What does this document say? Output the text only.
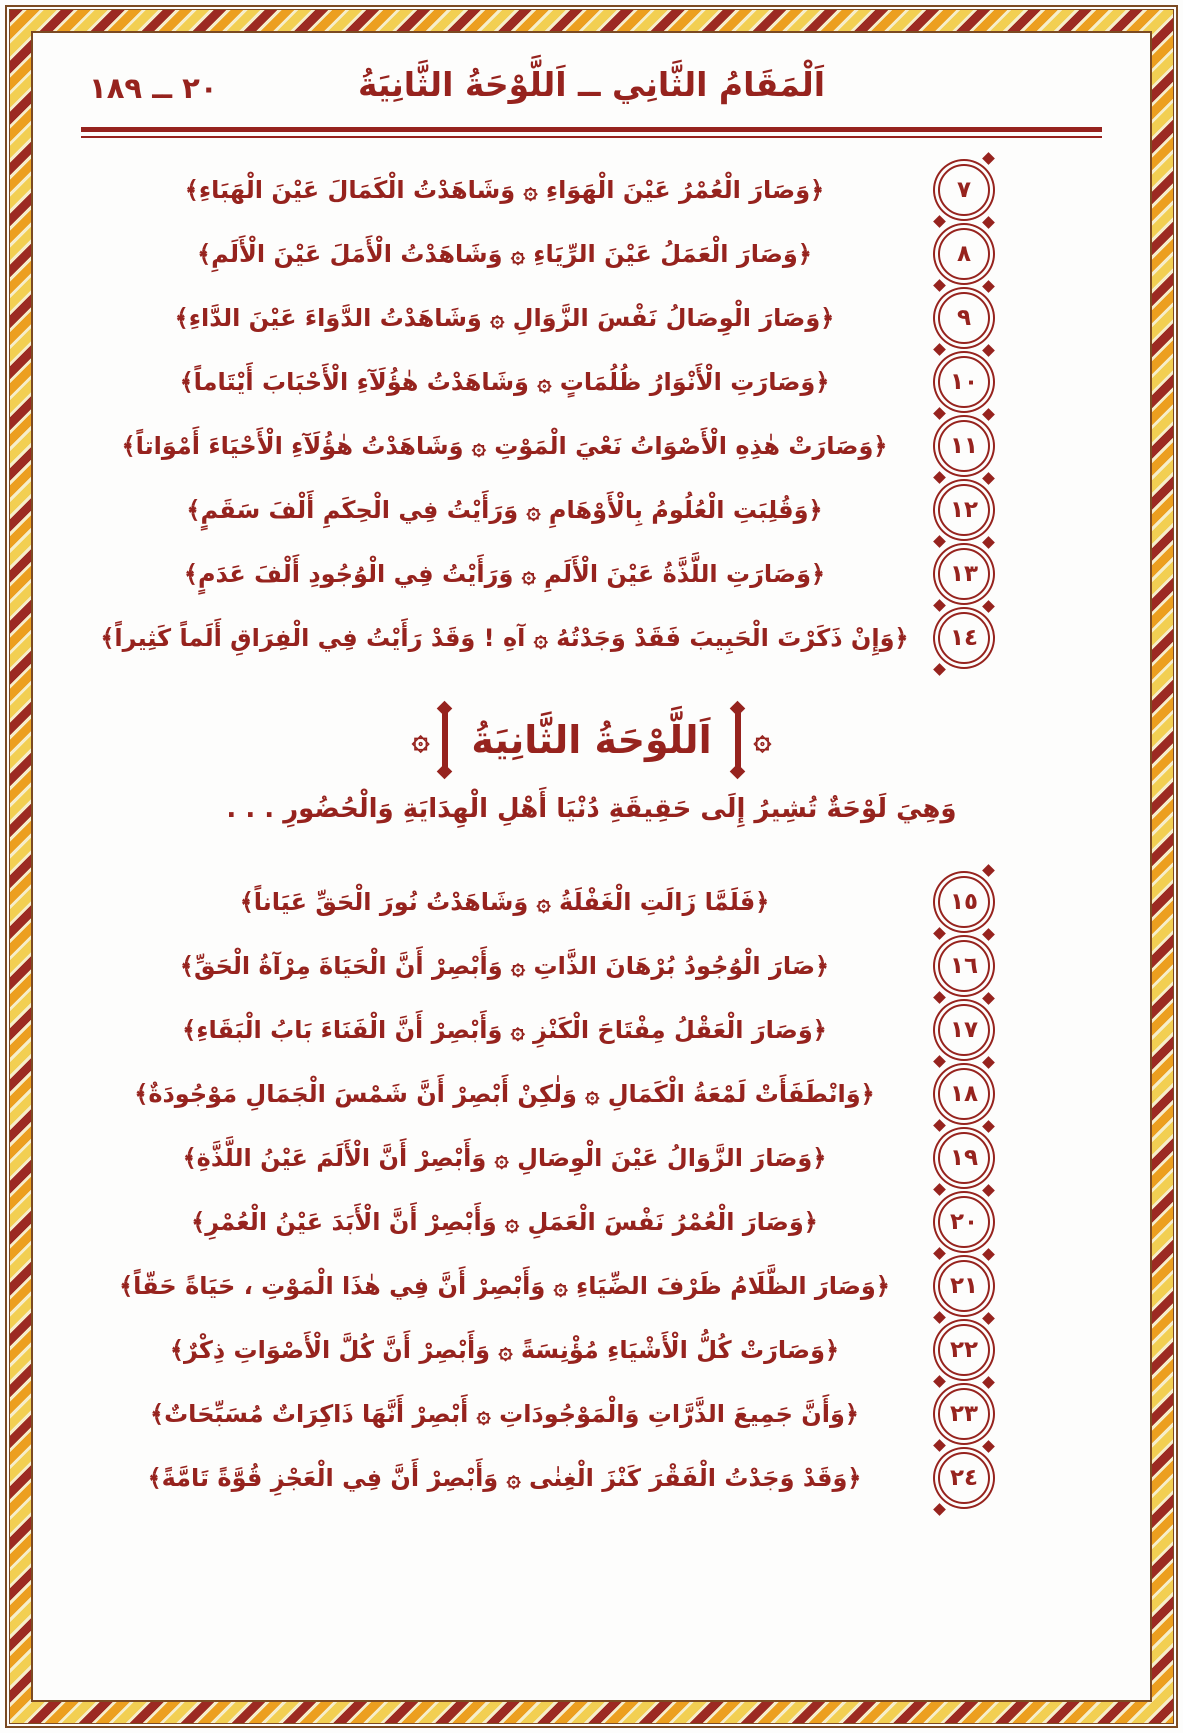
اَلْمَقَامُ الثَّانِي ــ اَللَّوْحَةُ الثَّانِيَةُ
٢٠ ــ ١٨٩
٧
﴿وَصَارَ الْعُمْرُ عَيْنَ الْهَوَاءِ ۞ وَشَاهَدْتُ الْكَمَالَ عَيْنَ الْهَبَاءِ﴾
٨
﴿وَصَارَ الْعَمَلُ عَيْنَ الرِّيَاءِ ۞ وَشَاهَدْتُ الْأَمَلَ عَيْنَ الْأَلَمِ﴾
٩
﴿وَصَارَ الْوِصَالُ نَفْسَ الزَّوَالِ ۞ وَشَاهَدْتُ الدَّوَاءَ عَيْنَ الدَّاءِ﴾
١٠
﴿وَصَارَتِ الْأَنْوَارُ ظُلُمَاتٍ ۞ وَشَاهَدْتُ هٰؤُلَآءِ الْأَحْبَابَ أَيْتَاماً﴾
١١
﴿وَصَارَتْ هٰذِهِ الْأَصْوَاتُ نَعْيَ الْمَوْتِ ۞ وَشَاهَدْتُ هٰؤُلَآءِ الْأَحْيَاءَ أَمْوَاتاً﴾
١٢
﴿وَقُلِبَتِ الْعُلُومُ بِالْأَوْهَامِ ۞ وَرَأَيْتُ فِي الْحِكَمِ أَلْفَ سَقَمٍ﴾
١٣
﴿وَصَارَتِ اللَّذَّةُ عَيْنَ الْأَلَمِ ۞ وَرَأَيْتُ فِي الْوُجُودِ أَلْفَ عَدَمٍ﴾
١٤
﴿وَإِنْ ذَكَرْتَ الْحَبِيبَ فَقَدْ وَجَدْتُهُ ۞ آهِ ! وَقَدْ رَأَيْتُ فِي الْفِرَاقِ أَلَماً كَثِيراً﴾
۞
اَللَّوْحَةُ الثَّانِيَةُ
۞
وَهِيَ لَوْحَةٌ تُشِيرُ إِلَى حَقِيقَةِ دُنْيَا أَهْلِ الْهِدَايَةِ وَالْحُضُورِ . . .
١٥
﴿فَلَمَّا زَالَتِ الْغَفْلَةُ ۞ وَشَاهَدْتُ نُورَ الْحَقِّ عَيَاناً﴾
١٦
﴿صَارَ الْوُجُودُ بُرْهَانَ الذَّاتِ ۞ وَأَبْصِرْ أَنَّ الْحَيَاةَ مِرْآةُ الْحَقِّ﴾
١٧
﴿وَصَارَ الْعَقْلُ مِفْتَاحَ الْكَنْزِ ۞ وَأَبْصِرْ أَنَّ الْفَنَاءَ بَابُ الْبَقَاءِ﴾
١٨
﴿وَانْطَفَأَتْ لَمْعَةُ الْكَمَالِ ۞ وَلٰكِنْ أَبْصِرْ أَنَّ شَمْسَ الْجَمَالِ مَوْجُودَةٌ﴾
١٩
﴿وَصَارَ الزَّوَالُ عَيْنَ الْوِصَالِ ۞ وَأَبْصِرْ أَنَّ الْأَلَمَ عَيْنُ اللَّذَّةِ﴾
٢٠
﴿وَصَارَ الْعُمْرُ نَفْسَ الْعَمَلِ ۞ وَأَبْصِرْ أَنَّ الْأَبَدَ عَيْنُ الْعُمْرِ﴾
٢١
﴿وَصَارَ الظَّلَامُ ظَرْفَ الضِّيَاءِ ۞ وَأَبْصِرْ أَنَّ فِي هٰذَا الْمَوْتِ ، حَيَاةً حَقّاً﴾
٢٢
﴿وَصَارَتْ كُلُّ الْأَشْيَاءِ مُؤْنِسَةً ۞ وَأَبْصِرْ أَنَّ كُلَّ الْأَصْوَاتِ ذِكْرٌ﴾
٢٣
﴿وَأَنَّ جَمِيعَ الذَّرَّاتِ وَالْمَوْجُودَاتِ ۞ أَبْصِرْ أَنَّهَا ذَاكِرَاتٌ مُسَبِّحَاتٌ﴾
٢٤
﴿وَقَدْ وَجَدْتُ الْفَقْرَ كَنْزَ الْغِنٰى ۞ وَأَبْصِرْ أَنَّ فِي الْعَجْزِ قُوَّةً تَامَّةً﴾
